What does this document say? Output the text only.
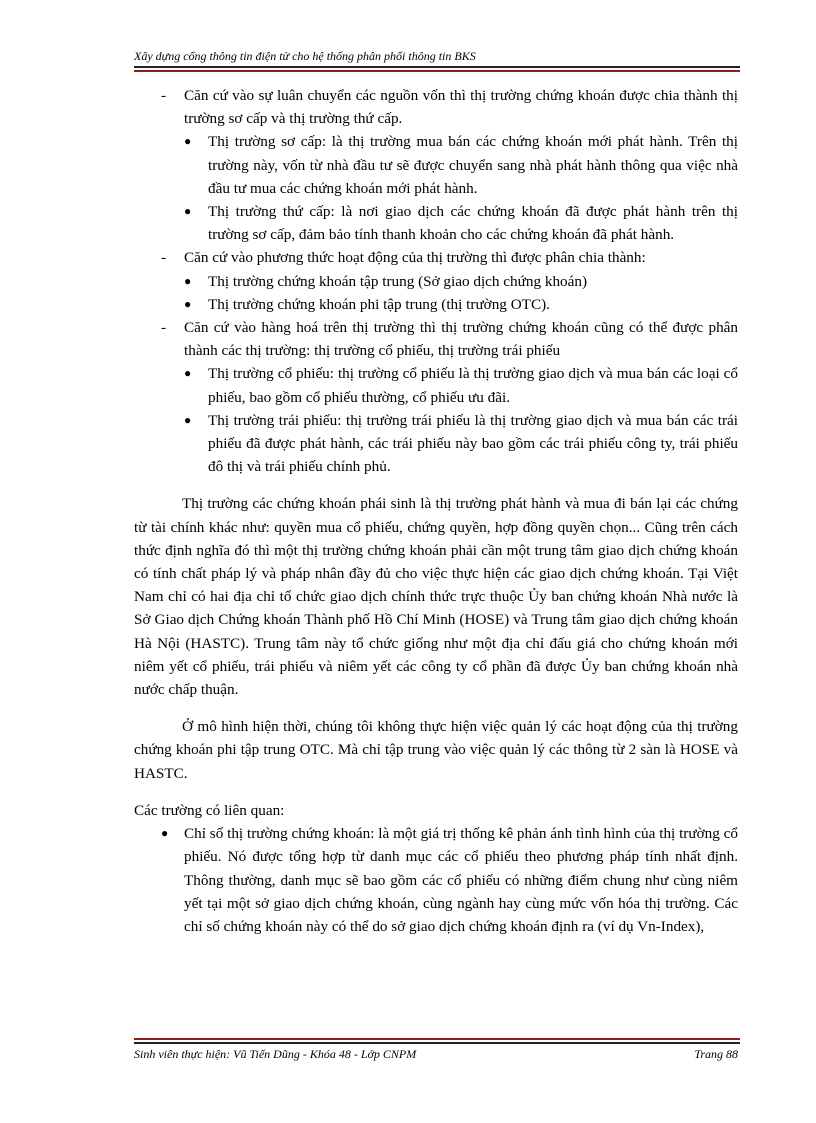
Xây dựng cổng thông tin điện tử cho hệ thống phân phối thông tin BKS
- Căn cứ vào sự luân chuyển các nguồn vốn thì thị trường chứng khoán được chia thành thị trường sơ cấp và thị trường thứ cấp.
● Thị trường sơ cấp: là thị trường mua bán các chứng khoán mới phát hành. Trên thị trường này, vốn từ nhà đầu tư sẽ được chuyển sang nhà phát hành thông qua việc nhà đầu tư mua các chứng khoán mới phát hành.
● Thị trường thứ cấp: là nơi giao dịch các chứng khoán đã được phát hành trên thị trường sơ cấp, đảm bảo tính thanh khoản cho các chứng khoán đã phát hành.
- Căn cứ vào phương thức hoạt động của thị trường thì được phân chia thành:
● Thị trường chứng khoán tập trung (Sở giao dịch chứng khoán)
● Thị trường chứng khoán phi tập trung (thị trường OTC).
- Căn cứ vào hàng hoá trên thị trường thì thị trường chứng khoán cũng có thể được phân thành các thị trường: thị trường cổ phiếu, thị trường trái phiếu
● Thị trường cổ phiếu: thị trường cổ phiếu là thị trường giao dịch và mua bán các loại cổ phiếu, bao gồm cổ phiếu thường, cổ phiếu ưu đãi.
● Thị trường trái phiếu: thị trường trái phiếu là thị trường giao dịch và mua bán các trái phiếu đã được phát hành, các trái phiếu này bao gồm các trái phiếu công ty, trái phiếu đô thị và trái phiếu chính phủ.

Thị trường các chứng khoán phái sinh là thị trường phát hành và mua đi bán lại các chứng từ tài chính khác như: quyền mua cổ phiếu, chứng quyền, hợp đồng quyền chọn... Cũng trên cách thức định nghĩa đó thì một thị trường chứng khoán phải cần một trung tâm giao dịch chứng khoán có tính chất pháp lý và pháp nhân đầy đủ cho việc thực hiện các giao dịch chứng khoán. Tại Việt Nam chỉ có hai địa chỉ tổ chức giao dịch chính thức trực thuộc Ủy ban chứng khoán Nhà nước là Sở Giao dịch Chứng khoán Thành phố Hồ Chí Minh (HOSE) và Trung tâm giao dịch chứng khoán Hà Nội (HASTC). Trung tâm này tổ chức giống như một địa chỉ đấu giá cho chứng khoán mới niêm yết cổ phiếu, trái phiếu và niêm yết các công ty cổ phần đã được Ủy ban chứng khoán nhà nước chấp thuận.

Ở mô hình hiện thời, chúng tôi không thực hiện việc quản lý các hoạt động của thị trường chứng khoán phi tập trung OTC. Mà chỉ tập trung vào việc quản lý các thông từ 2 sàn là HOSE và HASTC.

Các trường có liên quan:
● Chỉ số thị trường chứng khoán: là một giá trị thống kê phản ánh tình hình của thị trường cổ phiếu. Nó được tổng hợp từ danh mục các cổ phiếu theo phương pháp tính nhất định. Thông thường, danh mục sẽ bao gồm các cổ phiếu có những điểm chung như cùng niêm yết tại một sở giao dịch chứng khoán, cùng ngành hay cùng mức vốn hóa thị trường. Các chỉ số chứng khoán này có thể do sở giao dịch chứng khoán định ra (ví dụ Vn-Index),
Sinh viên thực hiện: Vũ Tiến Dũng - Khóa 48 - Lớp CNPM	Trang 88
